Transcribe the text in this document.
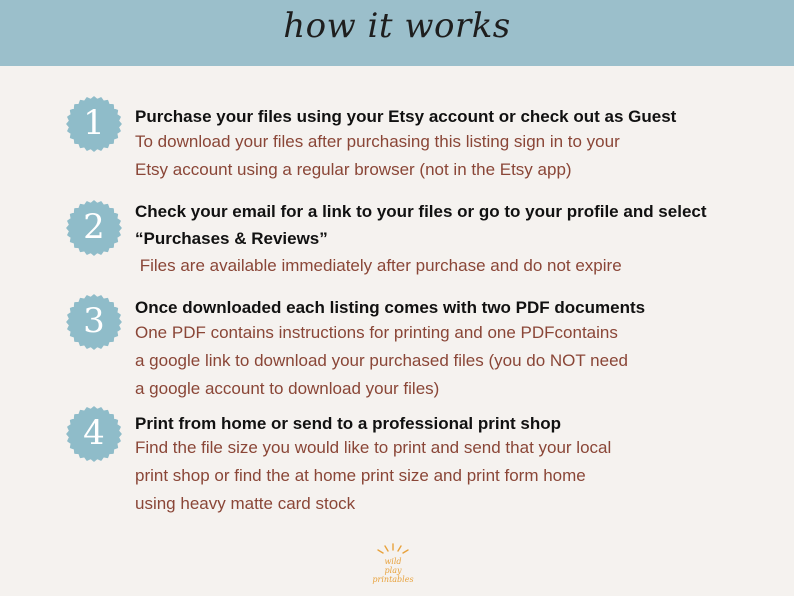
how it works
1	Purchase your files using your Etsy account or check out as Guest
To download your files after purchasing this listing sign in to your
Etsy account using a regular browser (not in the Etsy app)
2	Check your email for a link to your files or go to your profile and select
“Purchases & Reviews”
Files are available immediately after purchase and do not expire
3	Once downloaded each listing comes with two PDF documents
One PDF contains instructions for printing and one PDFcontains
a google link to download your purchased files (you do NOT need
a google account to download your files)
4	Print from home or send to a professional print shop
Find the file size you would like to print and send that your local
print shop or find the at home print size and print form home
using heavy matte card stock
wild
play
printables
